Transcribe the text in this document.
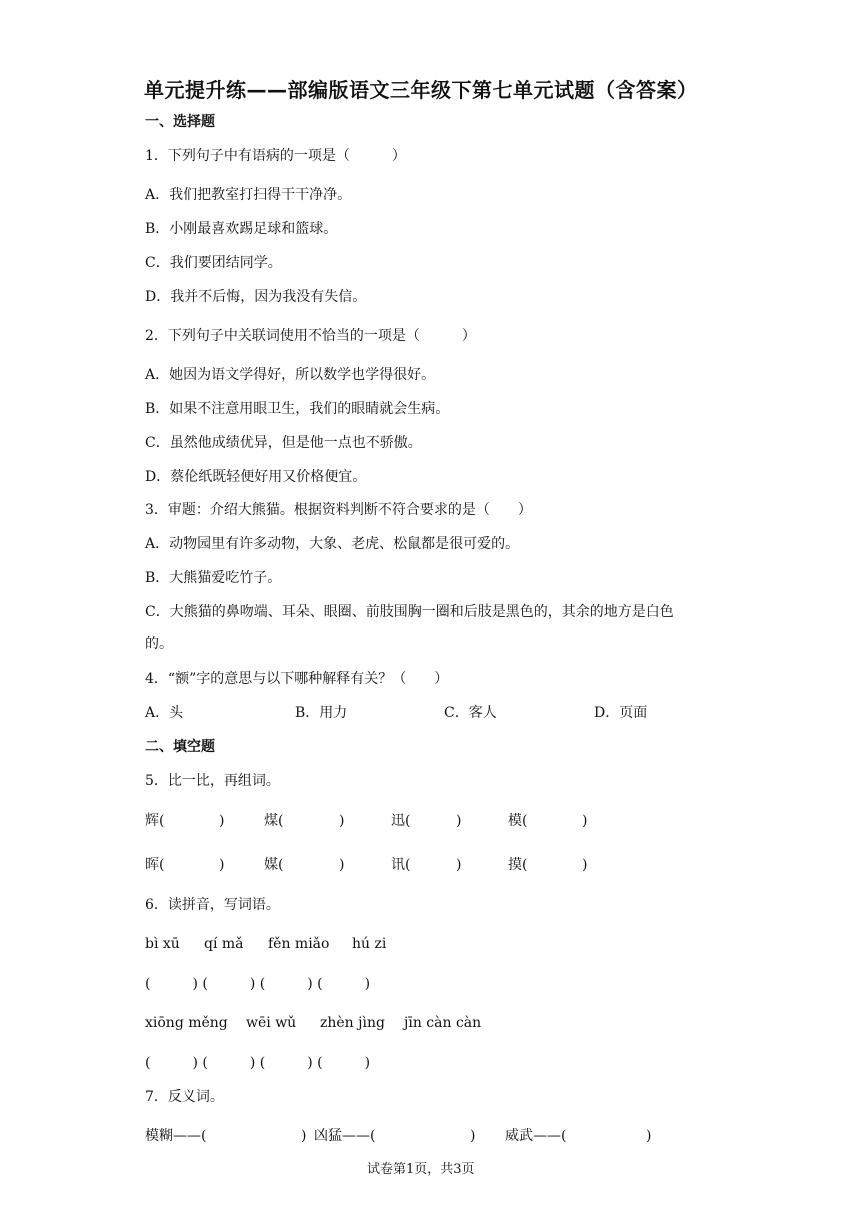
单元提升练——部编版语文三年级下第七单元试题（含答案）
一、选择题
1．下列句子中有语病的一项是（　　　）
A．我们把教室打扫得干干净净。
B．小刚最喜欢踢足球和篮球。
C．我们要团结同学。
D．我并不后悔，因为我没有失信。
2．下列句子中关联词使用不恰当的一项是（　　　）
A．她因为语文学得好，所以数学也学得很好。
B．如果不注意用眼卫生，我们的眼睛就会生病。
C．虽然他成绩优异，但是他一点也不骄傲。
D．蔡伦纸既轻便好用又价格便宜。
3．审题：介绍大熊猫。根据资料判断不符合要求的是（　　）
A．动物园里有许多动物，大象、老虎、松鼠都是很可爱的。
B．大熊猫爱吃竹子。
C．大熊猫的鼻吻端、耳朵、眼圈、前肢围胸一圈和后肢是黑色的，其余的地方是白色
的。
4．“额”字的意思与以下哪种解释有关？（　　）
A．头	B．用力	C．客人	D．页面
二、填空题
5．比一比，再组词。
辉(	)	煤(	)	迅(	)	模(	)
晖(	)	媒(	)	讯(	)	摸(	)
6．读拼音，写词语。
bì xū qí mǎ fěn miǎo hú zi
(　　　) (　　　) (　　　) (　　　)
xiōng měng wēi wǔ zhèn jìng jīn càn càn
(　　　) (　　　) (　　　) (　　　)
7．反义词。
模糊——(	) 凶猛——(	) 威武——(	)
试卷第1页，共3页
